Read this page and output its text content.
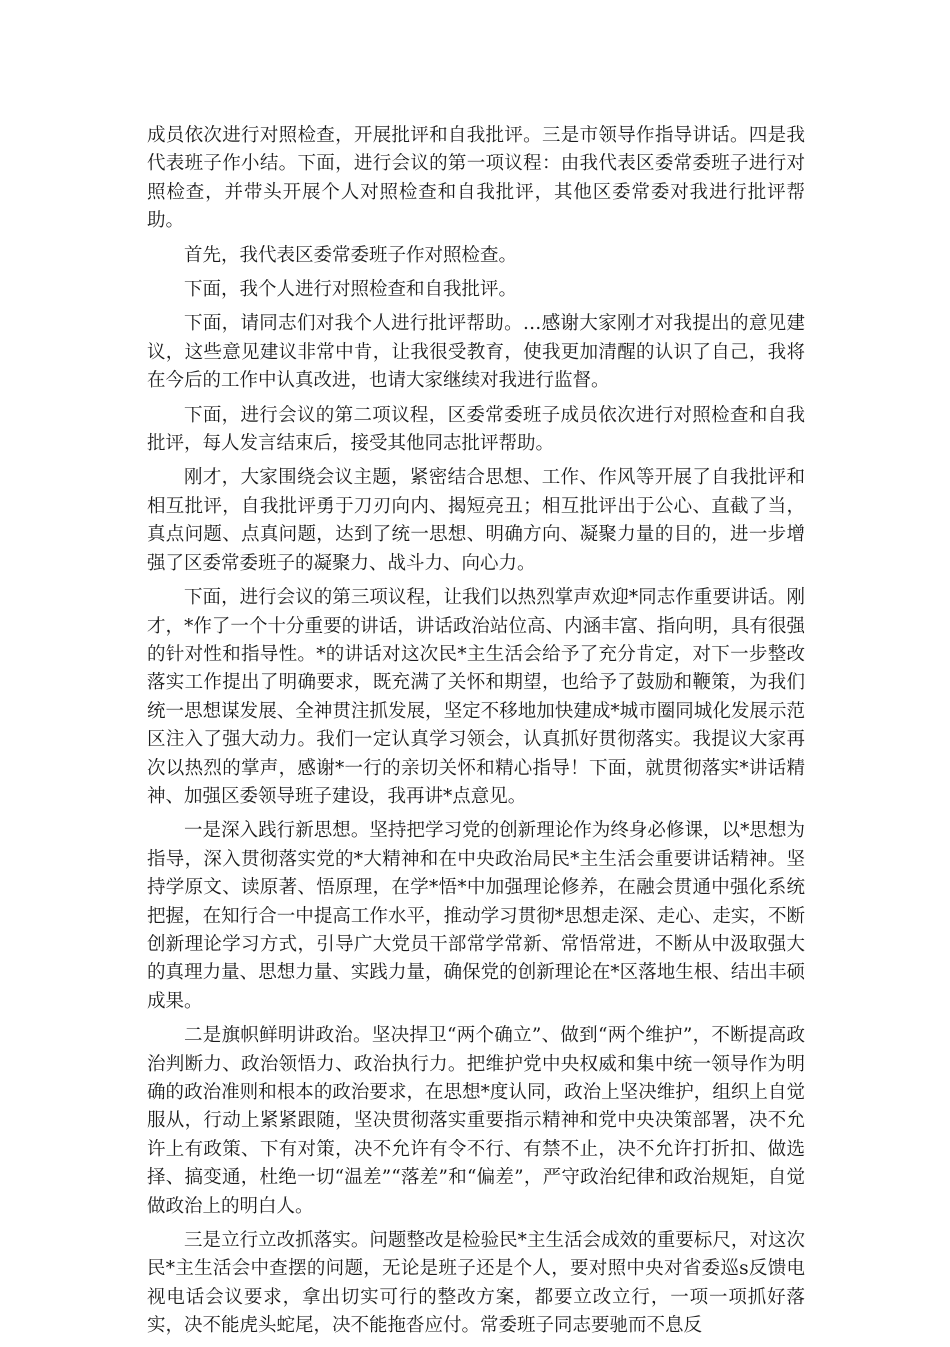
成员依次进行对照检查，开展批评和自我批评。三是市领导作指导讲话。四是我代表班子作小结。下面，进行会议的第一项议程：由我代表区委常委班子进行对照检查，并带头开展个人对照检查和自我批评，其他区委常委对我进行批评帮助。

首先，我代表区委常委班子作对照检查。

下面，我个人进行对照检查和自我批评。

下面，请同志们对我个人进行批评帮助。…感谢大家刚才对我提出的意见建议，这些意见建议非常中肯，让我很受教育，使我更加清醒的认识了自己，我将在今后的工作中认真改进，也请大家继续对我进行监督。

下面，进行会议的第二项议程，区委常委班子成员依次进行对照检查和自我批评，每人发言结束后，接受其他同志批评帮助。

刚才，大家围绕会议主题，紧密结合思想、工作、作风等开展了自我批评和相互批评，自我批评勇于刀刃向内、揭短亮丑；相互批评出于公心、直截了当，真点问题、点真问题，达到了统一思想、明确方向、凝聚力量的目的，进一步增强了区委常委班子的凝聚力、战斗力、向心力。

下面，进行会议的第三项议程，让我们以热烈掌声欢迎*同志作重要讲话。刚才，*作了一个十分重要的讲话，讲话政治站位高、内涵丰富、指向明，具有很强的针对性和指导性。*的讲话对这次民*主生活会给予了充分肯定，对下一步整改落实工作提出了明确要求，既充满了关怀和期望，也给予了鼓励和鞭策，为我们统一思想谋发展、全神贯注抓发展，坚定不移地加快建成*城市圈同城化发展示范区注入了强大动力。我们一定认真学习领会，认真抓好贯彻落实。我提议大家再次以热烈的掌声，感谢*一行的亲切关怀和精心指导！下面，就贯彻落实*讲话精神、加强区委领导班子建设，我再讲*点意见。

一是深入践行新思想。坚持把学习党的创新理论作为终身必修课，以*思想为指导，深入贯彻落实党的*大精神和在中央政治局民*主生活会重要讲话精神。坚持学原文、读原著、悟原理，在学*悟*中加强理论修养，在融会贯通中强化系统把握，在知行合一中提高工作水平，推动学习贯彻*思想走深、走心、走实，不断创新理论学习方式，引导广大党员干部常学常新、常悟常进，不断从中汲取强大的真理力量、思想力量、实践力量，确保党的创新理论在*区落地生根、结出丰硕成果。

二是旗帜鲜明讲政治。坚决捍卫“两个确立”、做到“两个维护”，不断提高政治判断力、政治领悟力、政治执行力。把维护党中央权威和集中统一领导作为明确的政治准则和根本的政治要求，在思想*度认同，政治上坚决维护，组织上自觉服从，行动上紧紧跟随，坚决贯彻落实重要指示精神和党中央决策部署，决不允许上有政策、下有对策，决不允许有令不行、有禁不止，决不允许打折扣、做选择、搞变通，杜绝一切“温差”“落差”和“偏差”，严守政治纪律和政治规矩，自觉做政治上的明白人。

三是立行立改抓落实。问题整改是检验民*主生活会成效的重要标尺，对这次民*主生活会中查摆的问题，无论是班子还是个人，要对照中央对省委巡s反馈电视电话会议要求，拿出切实可行的整改方案，都要立改立行，一项一项抓好落实，决不能虎头蛇尾，决不能拖沓应付。常委班子同志要驰而不息反
